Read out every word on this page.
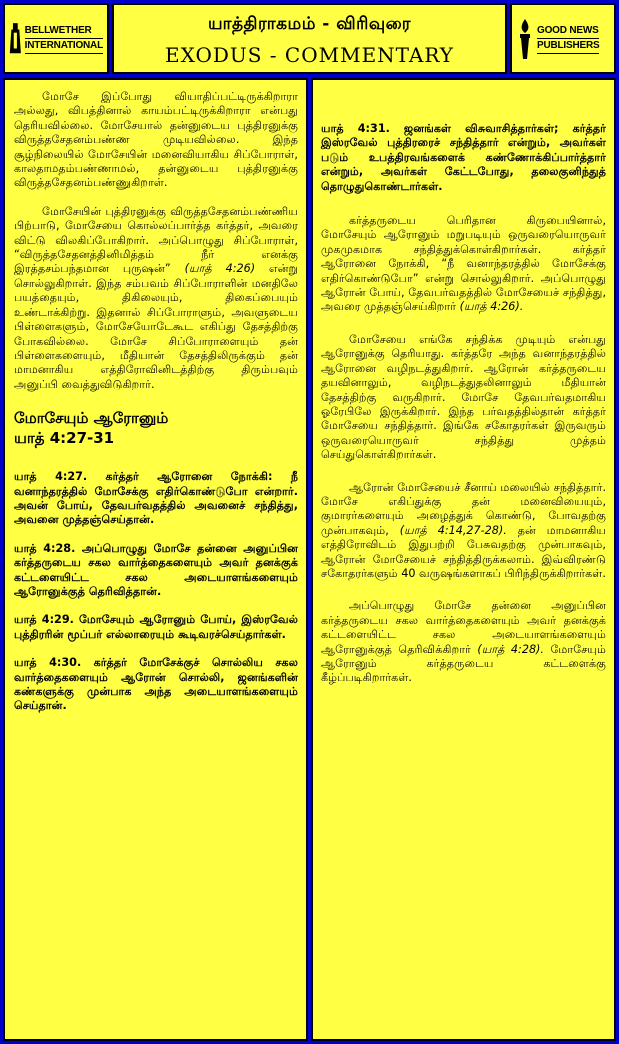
BELLWETHER
INTERNATIONAL
யாத்திராகமம் - விரிவுரை
EXODUS - COMMENTARY
GOOD NEWS
PUBLISHERS

மோசே இப்போது வியாதிப்பட்டிருக்கிறாரா அல்லது, விபத்தினால் காயம்பட்டிருக்கிறாரா என்பது தெரியவில்லை. மோசேயால் தன்னுடைய புத்திரனுக்கு விருத்தசேதனம்பண்ண முடியவில்லை. இந்த சூழ்நிலையில் மோசேயின் மனைவியாகிய சிப்போராள், காலதாமதம்பண்ணாமல், தன்னுடைய புத்திரனுக்கு விருத்தசேதனம்பண்ணுகிறாள்.

மோசேயின் புத்திரனுக்கு விருத்தசேதனம்பண்ணிய பிற்பாடு, மோசேயை கொல்லப்பார்த்த கர்த்தர், அவரை விட்டு விலகிப்போகிறார். அப்பொழுது சிப்போராள், “விருத்தசேதனத்தினிமித்தம் நீர் எனக்கு இரத்தசம்பந்தமான புருஷன்” (யாத் 4:26) என்று சொல்லுகிறாள். இந்த சம்பவம் சிப்போராளின் மனதிலே பயத்தையும், திகிலையும், திகைப்பையும் உண்டாக்கிற்று. இதனால் சிப்போராளும், அவளுடைய பிள்ளைகளும், மோசேயோடேகூட எகிப்து தேசத்திற்கு போகவில்லை. மோசே சிப்போராளையும் தன் பிள்ளைகளையும், மீதியான் தேசத்திலிருக்கும் தன் மாமனாகிய எத்திரோவினிடத்திற்கு திரும்பவும் அனுப்பி வைத்துவிடுகிறார்.

மோசேயும் ஆரோனும்
யாத் 4:27-31

யாத் 4:27. கர்த்தர் ஆரோனை நோக்கி: நீ வனாந்தரத்தில் மோசேக்கு எதிர்கொண்டுபோ என்றார். அவன் போய், தேவபர்வதத்தில் அவனைச் சந்தித்து, அவனை முத்தஞ்செய்தான்.

யாத் 4:28. அப்பொழுது மோசே தன்னை அனுப்பின கர்த்தருடைய சகல வார்த்தைகளையும் அவர் தனக்குக் கட்டளையிட்ட சகல அடையாளங்களையும் ஆரோனுக்குத் தெரிவித்தான்.

யாத் 4:29. மோசேயும் ஆரோனும் போய், இஸ்ரவேல் புத்திரரின் மூப்பர் எல்லாரையும் கூடிவரச்செய்தார்கள்.

யாத் 4:30. கர்த்தர் மோசேக்குச் சொல்லிய சகல வார்த்தைகளையும் ஆரோன் சொல்லி, ஜனங்களின் கண்களுக்கு முன்பாக அந்த அடையாளங்களையும் செய்தான்.

யாத் 4:31. ஜனங்கள் விசுவாசித்தார்கள்; கர்த்தர் இஸ்ரவேல் புத்திரரைச் சந்தித்தார் என்றும், அவர்கள் படும் உபத்திரவங்களைக் கண்ணோக்கிப்பார்த்தார் என்றும், அவர்கள் கேட்டபோது, தலைகுனிந்துத் தொழுதுகொண்டார்கள்.

கர்த்தருடைய பெரிதான கிருபையினால், மோசேயும் ஆரோனும் மறுபடியும் ஒருவரையொருவர் முகமுகமாக சந்தித்துக்கொள்கிறார்கள். கர்த்தர் ஆரோனை நோக்கி, “நீ வனாந்தரத்தில் மோசேக்கு எதிர்கொண்டுபோ” என்று சொல்லுகிறார். அப்பொழுது ஆரோன் போய், தேவபர்வதத்தில் மோசேயைச் சந்தித்து, அவரை முத்தஞ்செய்கிறார் (யாத் 4:26).

மோசேயை எங்கே சந்திக்க முடியும் என்பது ஆரோனுக்கு தெரியாது. கர்த்தரே அந்த வனாந்தரத்தில் ஆரோனை வழிநடத்துகிறார். ஆரோன் கர்த்தருடைய தயவினாலும், வழிநடத்துதலினாலும் மீதியான் தேசத்திற்கு வருகிறார். மோசே தேவபர்வதமாகிய ஓரேபிலே இருக்கிறார். இந்த பர்வதத்தில்தான் கர்த்தர் மோசேயை சந்தித்தார். இங்கே சகோதரர்கள் இருவரும் ஒருவரையொருவர் சந்தித்து முத்தம் செய்துகொள்கிறார்கள்.

ஆரோன் மோசேயைச் சீனாய் மலையில் சந்தித்தார். மோசே எகிப்துக்கு தன் மனைவியையும், குமாரர்களையும் அழைத்துக் கொண்டு, போவதற்கு முன்பாகவும், (யாத் 4:14,27-28). தன் மாமனாகிய எத்திரோவிடம் இதுபற்றி பேசுவதற்கு முன்பாகவும், ஆரோன் மோசேயைச் சந்தித்திருக்கலாம். இவ்விரண்டு சகோதரர்களும் 40 வருஷங்களாகப் பிரிந்திருக்கிறார்கள்.

அப்பொழுது மோசே தன்னை அனுப்பின கர்த்தருடைய சகல வார்த்தைகளையும் அவர் தனக்குக் கட்டளையிட்ட சகல அடையாளங்களையும் ஆரோனுக்குத் தெரிவிக்கிறார் (யாத் 4:28). மோசேயும் ஆரோனும் கர்த்தருடைய கட்டளைக்கு கீழ்ப்படிகிறார்கள்.
